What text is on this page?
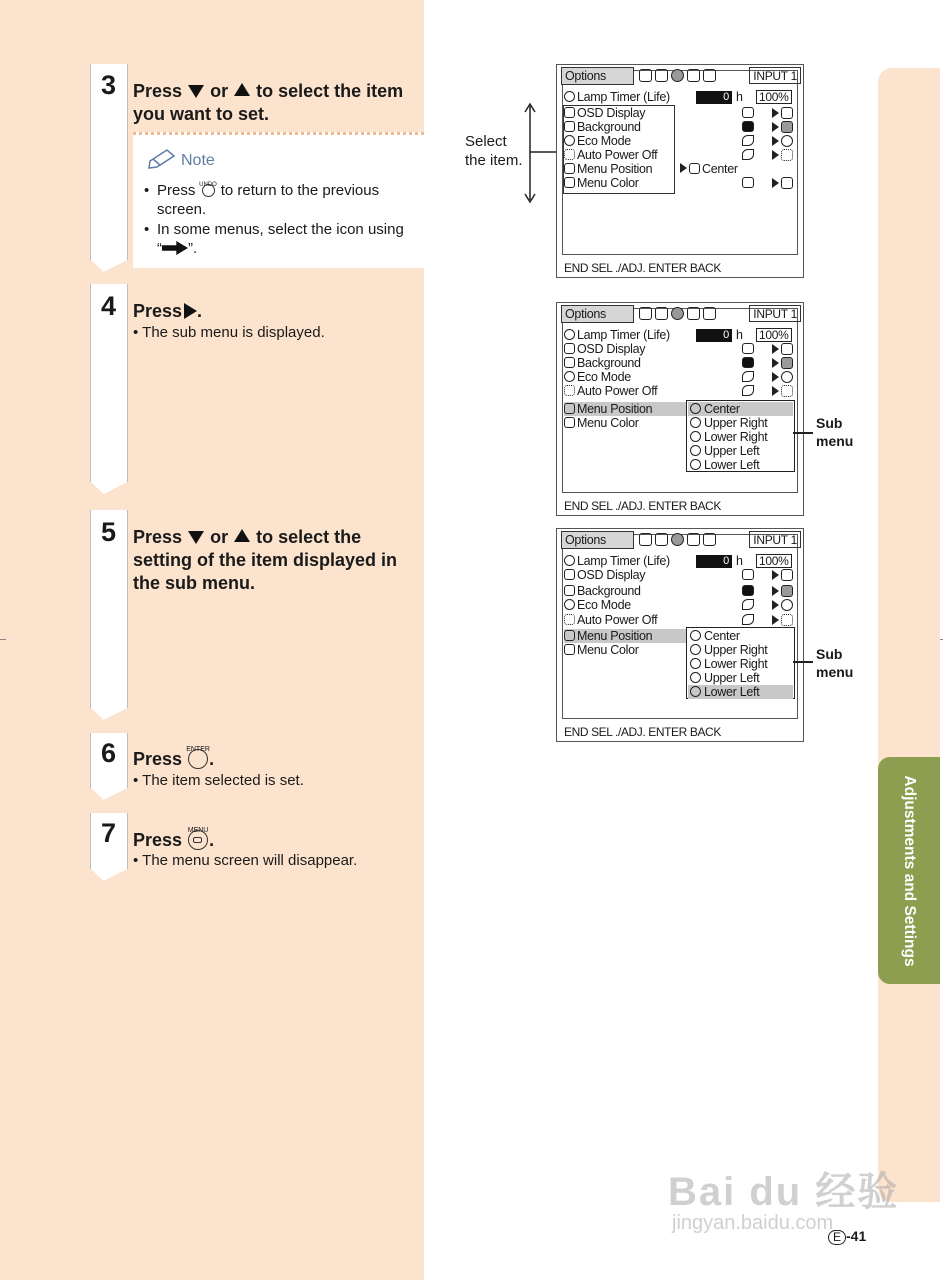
3 Press or to select the item you want to set.
Note
• Press UNDO to return to the previous screen.
• In some menus, select the icon using “ ”.
4 Press .
• The sub menu is displayed.
5 Press or to select the setting of the item displayed in the sub menu.
6 Press ENTER .
• The item selected is set.
7 Press MENU .
• The menu screen will disappear.
Select the item.
Options	INPUT 1
Lamp Timer (Life)	0 h 100%
OSD Display
Background
Eco Mode
Auto Power Off
Menu Position
Menu Color
Center
END SEL ./ADJ. ENTER BACK
Options	INPUT 1
Lamp Timer (Life)	0 h 100%
OSD Display
Background
Eco Mode
Auto Power Off
Menu Position
Menu Color
Center
Upper Right
Lower Right
Upper Left
Lower Left
END SEL ./ADJ. ENTER BACK
Sub menu
Options	INPUT 1
Lamp Timer (Life)	0 h 100%
OSD Display
Background
Eco Mode
Auto Power Off
Menu Position
Menu Color
Center
Upper Right
Lower Right
Upper Left
Lower Left
END SEL ./ADJ. ENTER BACK
Sub menu
Adjustments and Settings
Bai du 经验
jingyan.baidu.com
E -41
